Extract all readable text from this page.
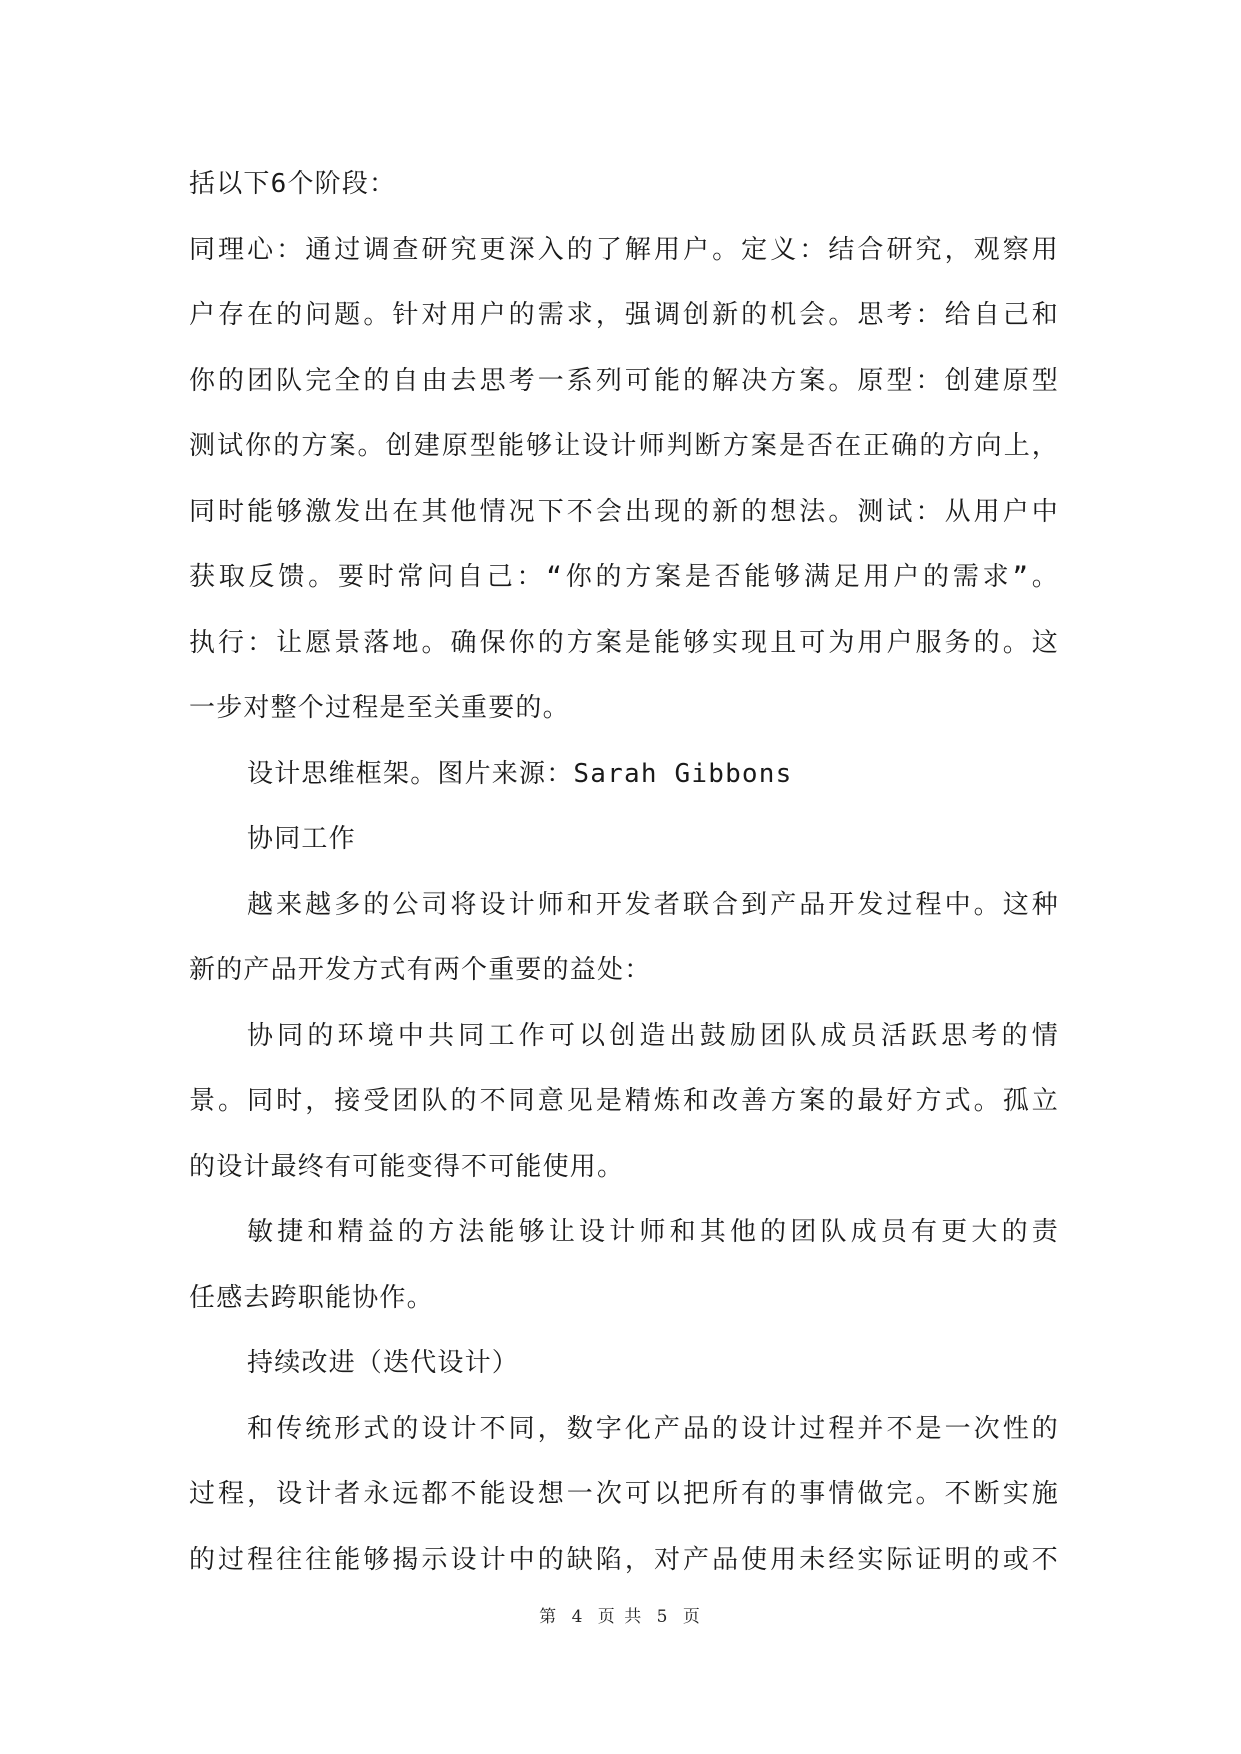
括以下6个阶段：
同理心：通过调查研究更深入的了解用户。定义：结合研究，观察用
户存在的问题。针对用户的需求，强调创新的机会。思考：给自己和
你的团队完全的自由去思考一系列可能的解决方案。原型：创建原型
测试你的方案。创建原型能够让设计师判断方案是否在正确的方向上，
同时能够激发出在其他情况下不会出现的新的想法。测试：从用户中
获取反馈。要时常问自己：“你的方案是否能够满足用户的需求”。
执行：让愿景落地。确保你的方案是能够实现且可为用户服务的。这
一步对整个过程是至关重要的。
设计思维框架。图片来源：Sarah Gibbons
协同工作
越来越多的公司将设计师和开发者联合到产品开发过程中。这种
新的产品开发方式有两个重要的益处：
协同的环境中共同工作可以创造出鼓励团队成员活跃思考的情
景。同时，接受团队的不同意见是精炼和改善方案的最好方式。孤立
的设计最终有可能变得不可能使用。
敏捷和精益的方法能够让设计师和其他的团队成员有更大的责
任感去跨职能协作。
持续改进（迭代设计）
和传统形式的设计不同，数字化产品的设计过程并不是一次性的
过程，设计者永远都不能设想一次可以把所有的事情做完。不断实施
的过程往往能够揭示设计中的缺陷，对产品使用未经实际证明的或不
第 4 页 共 5 页
